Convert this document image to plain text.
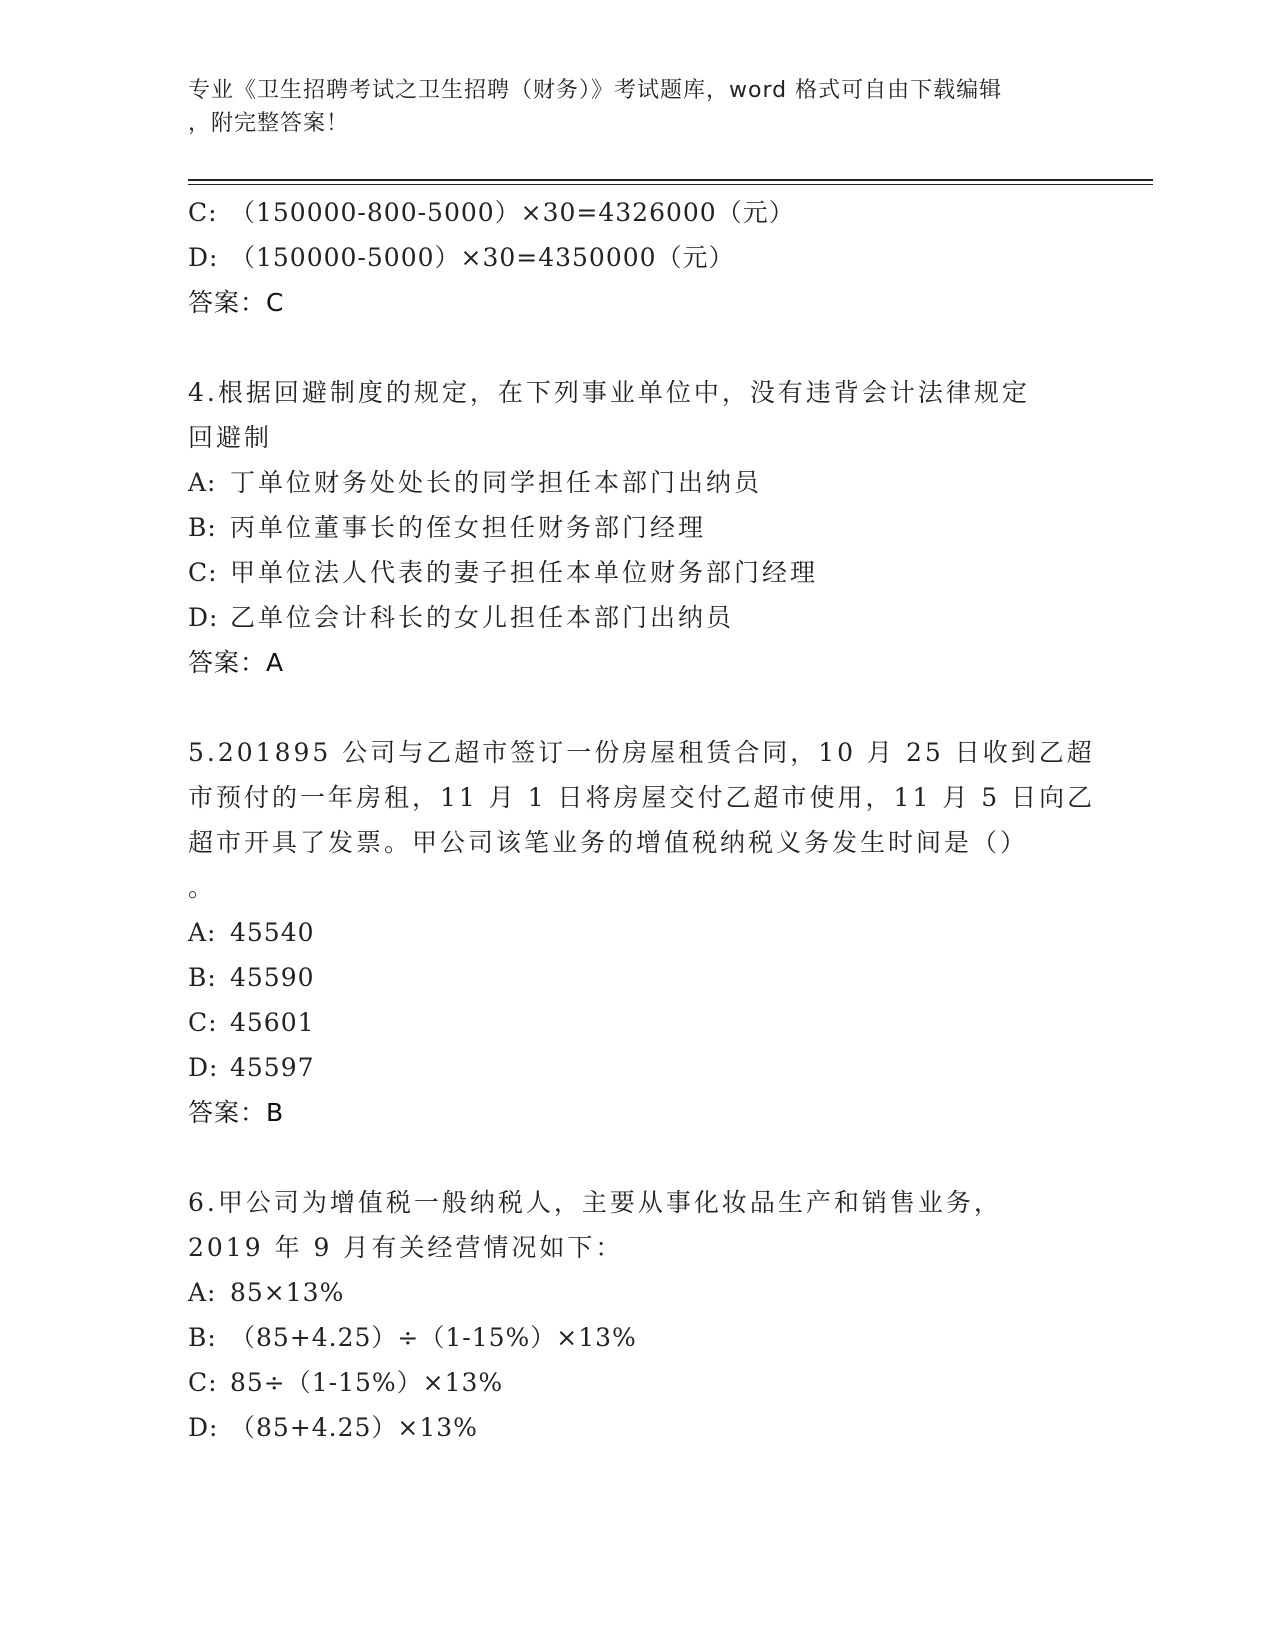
专业《卫生招聘考试之卫生招聘（财务）》考试题库，word 格式可自由下载编辑
，附完整答案！
C: （150000-800-5000）×30=4326000（元）
D: （150000-5000）×30=4350000（元）
答案：C
4.根据回避制度的规定，在下列事业单位中，没有违背会计法律规定
回避制
A: 丁单位财务处处长的同学担任本部门出纳员
B: 丙单位董事长的侄女担任财务部门经理
C: 甲单位法人代表的妻子担任本单位财务部门经理
D: 乙单位会计科长的女儿担任本部门出纳员
答案：A
5.201895 公司与乙超市签订一份房屋租赁合同，10 月 25 日收到乙超
市预付的一年房租，11 月 1 日将房屋交付乙超市使用，11 月 5 日向乙
超市开具了发票。甲公司该笔业务的增值税纳税义务发生时间是（）
。
A: 45540
B: 45590
C: 45601
D: 45597
答案：B
6.甲公司为增值税一般纳税人，主要从事化妆品生产和销售业务，
2019 年 9 月有关经营情况如下：
A: 85×13%
B: （85+4.25）÷（1-15%）×13%
C: 85÷（1-15%）×13%
D: （85+4.25）×13%
